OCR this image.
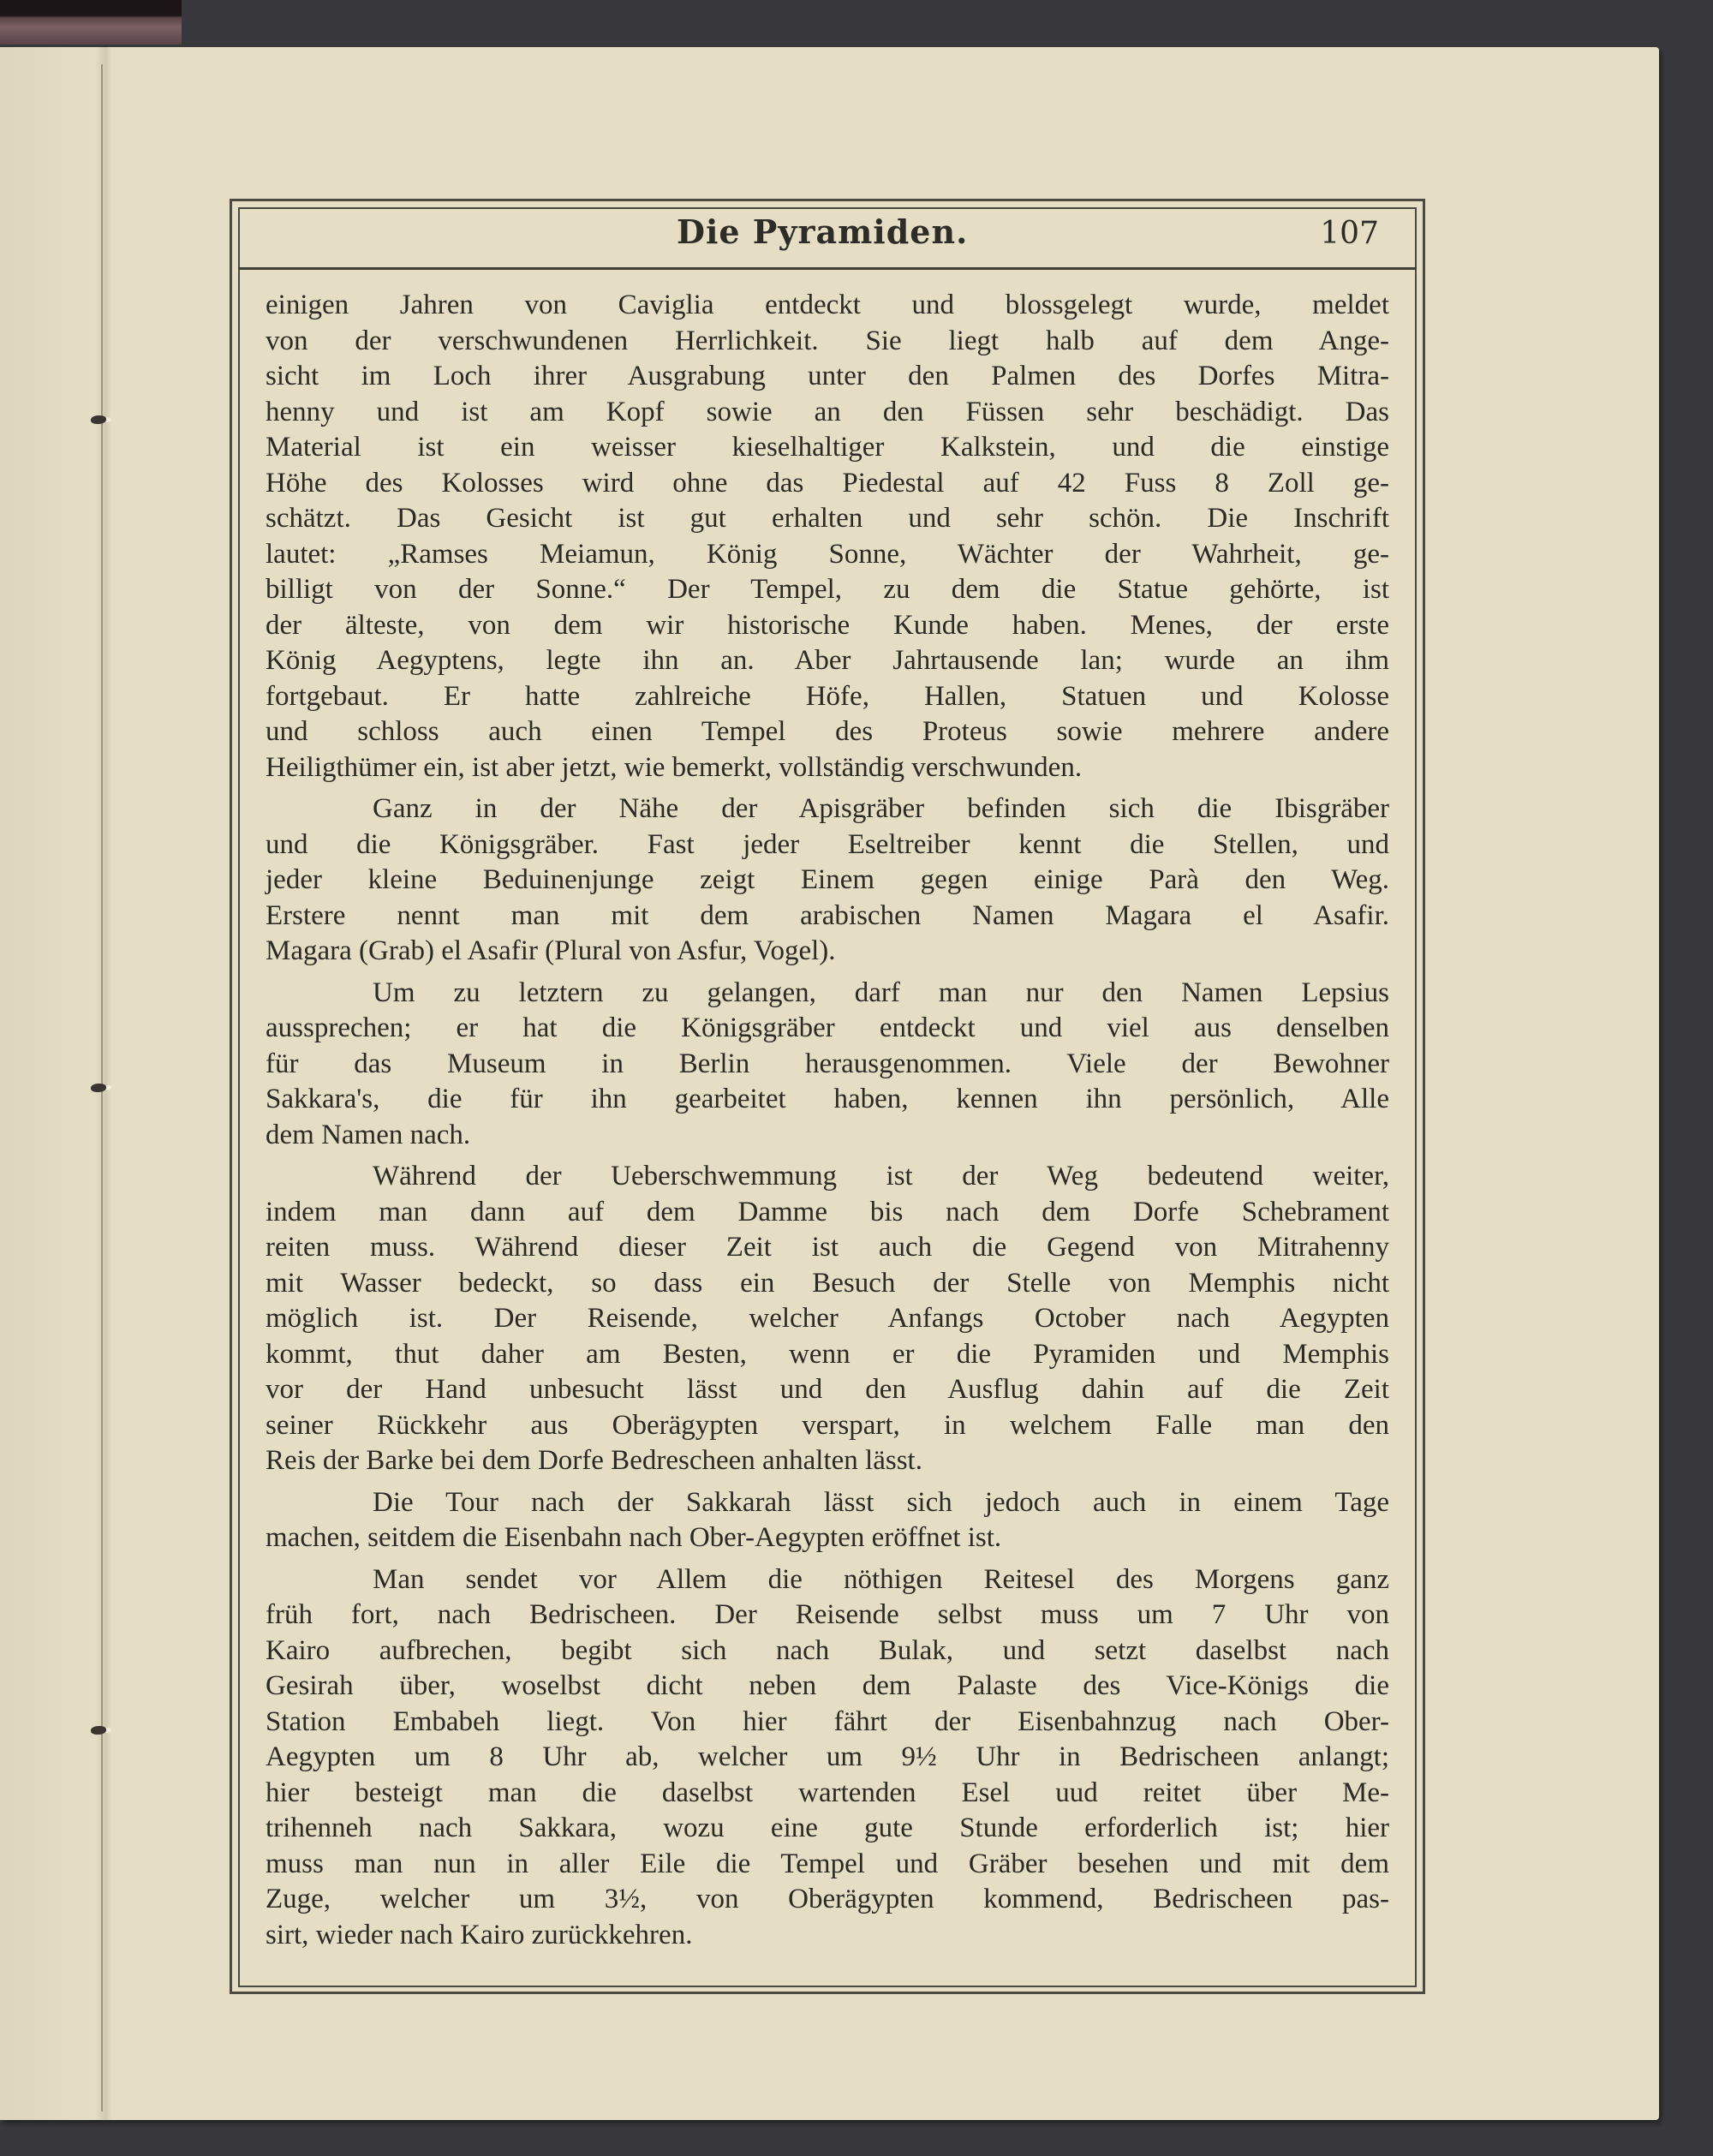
Die Pyramiden.	107
einigen Jahren von Caviglia entdeckt und blossgelegt wurde, meldet
von der verschwundenen Herrlichkeit. Sie liegt halb auf dem Ange-
sicht im Loch ihrer Ausgrabung unter den Palmen des Dorfes Mitra-
henny und ist am Kopf sowie an den Füssen sehr beschädigt. Das
Material ist ein weisser kieselhaltiger Kalkstein, und die einstige
Höhe des Kolosses wird ohne das Piedestal auf 42 Fuss 8 Zoll ge-
schätzt. Das Gesicht ist gut erhalten und sehr schön. Die Inschrift
lautet: „Ramses Meiamun, König Sonne, Wächter der Wahrheit, ge-
billigt von der Sonne.“ Der Tempel, zu dem die Statue gehörte, ist
der älteste, von dem wir historische Kunde haben. Menes, der erste
König Aegyptens, legte ihn an. Aber Jahrtausende lan; wurde an ihm
fortgebaut. Er hatte zahlreiche Höfe, Hallen, Statuen und Kolosse
und schloss auch einen Tempel des Proteus sowie mehrere andere
Heiligthümer ein, ist aber jetzt, wie bemerkt, vollständig verschwunden.
Ganz in der Nähe der Apisgräber befinden sich die Ibisgräber
und die Königsgräber. Fast jeder Eseltreiber kennt die Stellen, und
jeder kleine Beduinenjunge zeigt Einem gegen einige Parà den Weg.
Erstere nennt man mit dem arabischen Namen Magara el Asafir.
Magara (Grab) el Asafir (Plural von Asfur, Vogel).
Um zu letztern zu gelangen, darf man nur den Namen Lepsius
aussprechen; er hat die Königsgräber entdeckt und viel aus denselben
für das Museum in Berlin herausgenommen. Viele der Bewohner
Sakkara's, die für ihn gearbeitet haben, kennen ihn persönlich, Alle
dem Namen nach.
Während der Ueberschwemmung ist der Weg bedeutend weiter,
indem man dann auf dem Damme bis nach dem Dorfe Schebrament
reiten muss. Während dieser Zeit ist auch die Gegend von Mitrahenny
mit Wasser bedeckt, so dass ein Besuch der Stelle von Memphis nicht
möglich ist. Der Reisende, welcher Anfangs October nach Aegypten
kommt, thut daher am Besten, wenn er die Pyramiden und Memphis
vor der Hand unbesucht lässt und den Ausflug dahin auf die Zeit
seiner Rückkehr aus Oberägypten verspart, in welchem Falle man den
Reis der Barke bei dem Dorfe Bedrescheen anhalten lässt.
Die Tour nach der Sakkarah lässt sich jedoch auch in einem Tage
machen, seitdem die Eisenbahn nach Ober-Aegypten eröffnet ist.
Man sendet vor Allem die nöthigen Reitesel des Morgens ganz
früh fort, nach Bedrischeen. Der Reisende selbst muss um 7 Uhr von
Kairo aufbrechen, begibt sich nach Bulak, und setzt daselbst nach
Gesirah über, woselbst dicht neben dem Palaste des Vice-Königs die
Station Embabeh liegt. Von hier fährt der Eisenbahnzug nach Ober-
Aegypten um 8 Uhr ab, welcher um 9½ Uhr in Bedrischeen anlangt;
hier besteigt man die daselbst wartenden Esel uud reitet über Me-
trihenneh nach Sakkara, wozu eine gute Stunde erforderlich ist; hier
muss man nun in aller Eile die Tempel und Gräber besehen und mit dem
Zuge, welcher um 3½, von Oberägypten kommend, Bedrischeen pas-
sirt, wieder nach Kairo zurückkehren.
